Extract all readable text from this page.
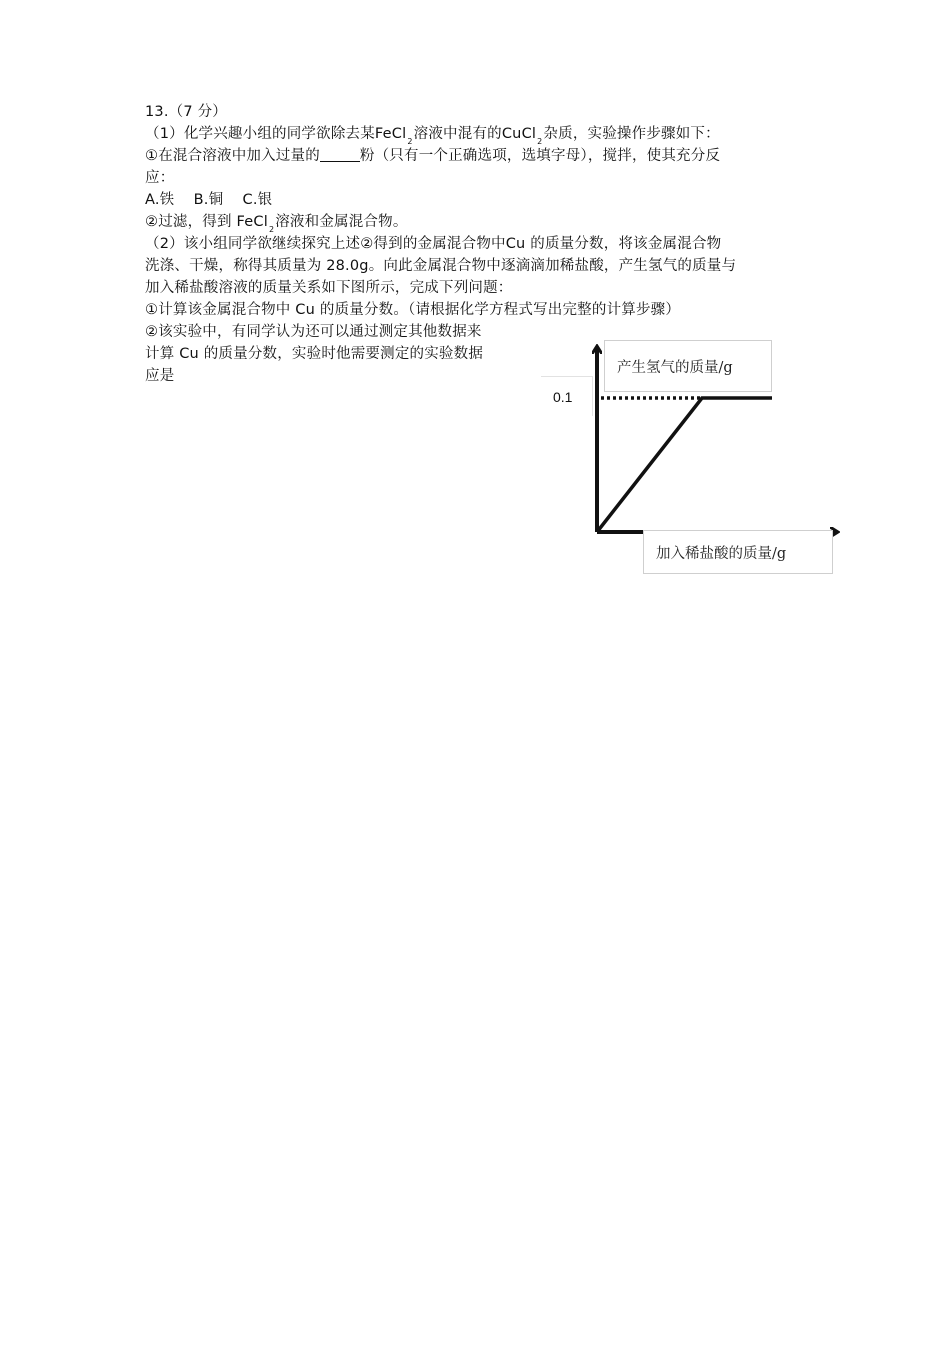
13.（7 分）
（1）化学兴趣小组的同学欲除去某FeCl$_2$溶液中混有的CuCl$_2$杂质，实验操作步骤如下：
①在混合溶液中加入过量的	粉（只有一个正确选项，选填字母），搅拌，使其充分反
应：
A.铁    B.铜    C.银
②过滤，得到 FeCl$_2$溶液和金属混合物。
（2）该小组同学欲继续探究上述②得到的金属混合物中Cu 的质量分数，将该金属混合物
洗涤、干燥，称得其质量为 28.0g。向此金属混合物中逐滴滴加稀盐酸，产生氢气的质量与
加入稀盐酸溶液的质量关系如下图所示，完成下列问题：
①计算该金属混合物中 Cu 的质量分数。（请根据化学方程式写出完整的计算步骤）
②该实验中，有同学认为还可以通过测定其他数据来
计算 Cu 的质量分数，实验时他需要测定的实验数据
应是
产生氢气的质量/g
0.1
加入稀盐酸的质量/g
